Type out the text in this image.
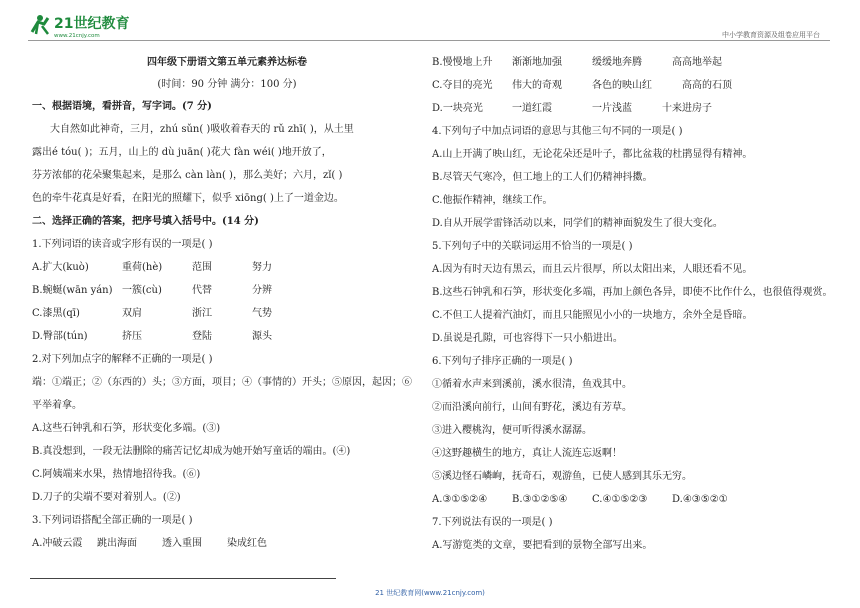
21世纪教育
www.21cnjy.com	中小学教育资源及组卷应用平台
四年级下册语文第五单元素养达标卷
(时间：90 分钟 满分：100 分)
一、根据语境，看拼音，写字词。(7 分)
大自然如此神奇，三月，zhú sǔn( )吸收着春天的 rǔ zhī( )，从土里
露出é tóu( )；五月，山上的 dù juān( )花大 fàn wéi( )地开放了，
芬芳浓郁的花朵聚集起来，是那么 càn làn( )，那么美好；六月，zǐ( )
色的牵牛花真是好看，在阳光的照耀下，似乎 xiōng( )上了一道金边。
二、选择正确的答案，把序号填入括号中。(14 分)
1.下列词语的读音或字形有误的一项是( )
A.扩大(kuò)	重荷(hè)	范围	努力
B.蜿蜒(wān yán) 一簇(cù)	代替	分辨
C.漆黑(qī)	双肩	浙江	气势
D.臀部(tún)	挤压	登陆	源头
2.对下列加点字的解释不正确的一项是( )
端：①端正；②（东西的）头；③方面，项目；④（事情的）开头；⑤原因，起因；⑥
平举着拿。
A.这些石钟乳和石笋，形状变化多端。(③)
B.真没想到，一段无法删除的痛苦记忆却成为她开始写童话的端由。(④)
C.阿姨端来水果，热情地招待我。(⑥)
D.刀子的尖端不要对着别人。(②)
3.下列词语搭配全部正确的一项是( )
A.冲破云霞 跳出海面	透入重围	染成红色
B.慢慢地上升 渐渐地加强	缓缓地奔腾	高高地举起
C.夺目的亮光 伟大的奇观	各色的映山红	高高的石顶
D.一块亮光	一道红霞	一片浅蓝	十来进房子
4.下列句子中加点词语的意思与其他三句不同的一项是( )
A.山上开满了映山红，无论花朵还是叶子，都比盆栽的杜鹃显得有精神。
B.尽管天气寒冷，但工地上的工人们仍精神抖擞。
C.他振作精神，继续工作。
D.自从开展学雷锋活动以来，同学们的精神面貌发生了很大变化。
5.下列句子中的关联词运用不恰当的一项是( )
A.因为有时天边有黑云，而且云片很厚，所以太阳出来，人眼还看不见。
B.这些石钟乳和石笋，形状变化多端，再加上颜色各异，即使不比作什么，也很值得观赏。
C.不但工人提着汽油灯，而且只能照见小小的一块地方，余外全是昏暗。
D.虽说是孔隙，可也容得下一只小船进出。
6.下列句子排序正确的一项是( )
①循着水声来到溪前，溪水很清，鱼戏其中。
②而沿溪向前行，山间有野花，溪边有芳草。
③进入樱桃沟，便可听得溪水潺潺。
④这野趣横生的地方，真让人流连忘返啊！
⑤溪边怪石嶙峋，抚奇石，观游鱼，已使人感到其乐无穷。
A.③①⑤②④ B.③①②⑤④ C.④①⑤②③ D.④③⑤②①
7.下列说法有误的一项是( )
A.写游览类的文章，要把看到的景物全部写出来。
21 世纪教育网(www.21cnjy.com)
